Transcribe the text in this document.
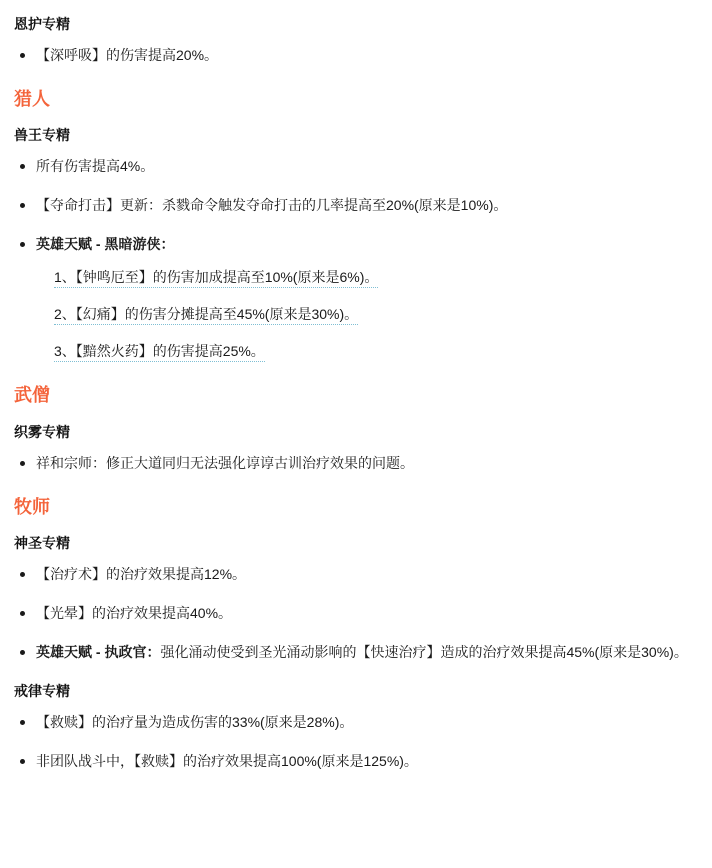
恩护专精
【深呼吸】的伤害提高20%。
猎人
兽王专精
所有伤害提高4%。
【夺命打击】更新：杀戮命令触发夺命打击的几率提高至20%(原来是10%)。
英雄天赋 - 黑暗游侠：
1、【钟鸣厄至】的伤害加成提高至10%(原来是6%)。
2、【幻痛】的伤害分摊提高至45%(原来是30%)。
3、【黯然火药】的伤害提高25%。
武僧
织雾专精
祥和宗师：修正大道同归无法强化谆谆古训治疗效果的问题。
牧师
神圣专精
【治疗术】的治疗效果提高12%。
【光晕】的治疗效果提高40%。
英雄天赋 - 执政官：强化涌动使受到圣光涌动影响的【快速治疗】造成的治疗效果提高45%(原来是30%)。
戒律专精
【救赎】的治疗量为造成伤害的33%(原来是28%)。
非团队战斗中，【救赎】的治疗效果提高100%(原来是125%)。
